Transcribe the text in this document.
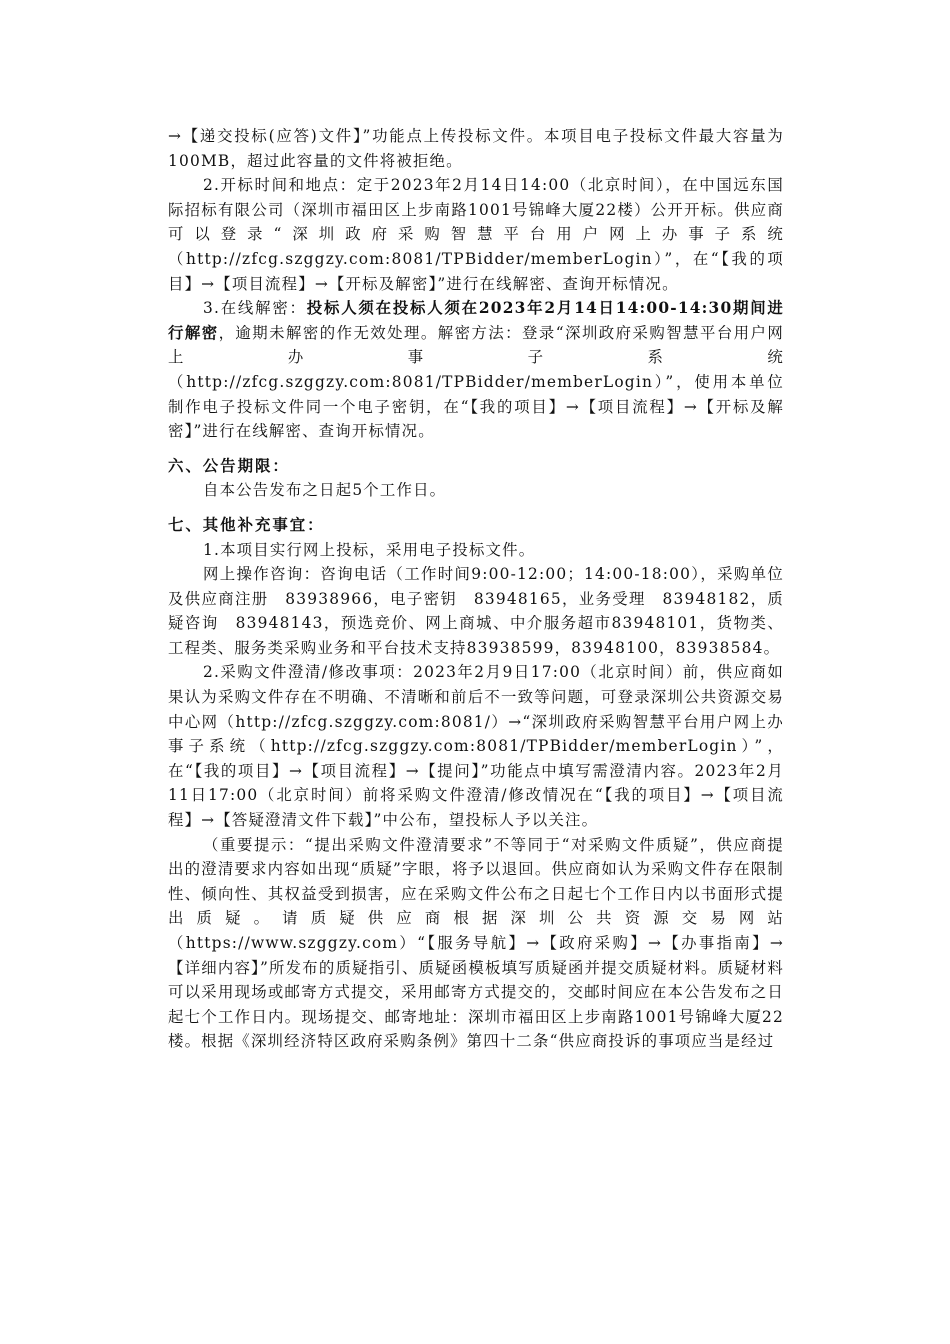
→【递交投标(应答)文件】”功能点上传投标文件。本项目电子投标文件最大容量为100MB，超过此容量的文件将被拒绝。

2.开标时间和地点：定于2023年2月14日14:00（北京时间），在中国远东国际招标有限公司（深圳市福田区上步南路1001号锦峰大厦22楼）公开开标。供应商可以登录“深圳政府采购智慧平台用户网上办事子系统（http://zfcg.szggzy.com:8081/TPBidder/memberLogin）”，在“【我的项目】→【项目流程】→【开标及解密】”进行在线解密、查询开标情况。

3.在线解密：投标人须在投标人须在2023年2月14日14:00-14:30期间进行解密，逾期未解密的作无效处理。解密方法：登录“深圳政府采购智慧平台用户网上办事子系统（http://zfcg.szggzy.com:8081/TPBidder/memberLogin）”，使用本单位制作电子投标文件同一个电子密钥，在“【我的项目】→【项目流程】→【开标及解密】”进行在线解密、查询开标情况。

六、公告期限：

自本公告发布之日起5个工作日。

七、其他补充事宜：

1.本项目实行网上投标，采用电子投标文件。

网上操作咨询：咨询电话（工作时间9:00-12:00；14:00-18:00），采购单位及供应商注册　83938966，电子密钥　83948165，业务受理　83948182，质疑咨询　83948143，预选竞价、网上商城、中介服务超市83948101，货物类、工程类、服务类采购业务和平台技术支持83938599，83948100，83938584。

2.采购文件澄清/修改事项：2023年2月9日17:00（北京时间）前，供应商如果认为采购文件存在不明确、不清晰和前后不一致等问题，可登录深圳公共资源交易中心网（http://zfcg.szggzy.com:8081/）→“深圳政府采购智慧平台用户网上办事子系统（http://zfcg.szggzy.com:8081/TPBidder/memberLogin）”，在“【我的项目】→【项目流程】→【提问】”功能点中填写需澄清内容。2023年2月11日17:00（北京时间）前将采购文件澄清/修改情况在“【我的项目】→【项目流程】→【答疑澄清文件下载】”中公布，望投标人予以关注。

（重要提示：“提出采购文件澄清要求”不等同于“对采购文件质疑”，供应商提出的澄清要求内容如出现“质疑”字眼，将予以退回。供应商如认为采购文件存在限制性、倾向性、其权益受到损害，应在采购文件公布之日起七个工作日内以书面形式提出质疑。请质疑供应商根据深圳公共资源交易网站（https://www.szggzy.com）“【服务导航】→【政府采购】→【办事指南】→【详细内容】”所发布的质疑指引、质疑函模板填写质疑函并提交质疑材料。质疑材料可以采用现场或邮寄方式提交，采用邮寄方式提交的，交邮时间应在本公告发布之日起七个工作日内。现场提交、邮寄地址：深圳市福田区上步南路1001号锦峰大厦22楼。根据《深圳经济特区政府采购条例》第四十二条“供应商投诉的事项应当是经过
